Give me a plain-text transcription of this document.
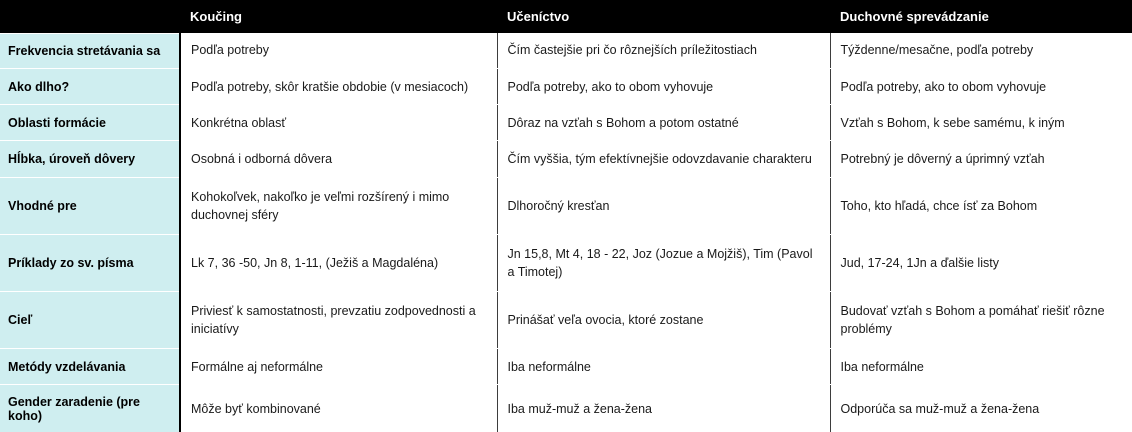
	Koučing	Učeníctvo	Duchovné sprevádzanie
Frekvencia stretávania sa	Podľa potreby	Čím častejšie pri čo rôznejších príležitostiach	Týždenne/mesačne, podľa potreby
Ako dlho?	Podľa potreby, skôr kratšie obdobie (v mesiacoch)	Podľa potreby, ako to obom vyhovuje	Podľa potreby, ako to obom vyhovuje
Oblasti formácie	Konkrétna oblasť	Dôraz na vzťah s Bohom a potom ostatné	Vzťah s Bohom, k sebe samému, k iným
Hĺbka, úroveň dôvery	Osobná i odborná dôvera	Čím vyššia, tým efektívnejšie odovzdavanie charakteru	Potrebný je dôverný a úprimný vzťah
Vhodné pre	Kohokoľvek, nakoľko je veľmi rozšírený i mimo duchovnej sféry	Dlhoročný kresťan	Toho, kto hľadá, chce ísť za Bohom
Príklady zo sv. písma	Lk 7, 36 -50, Jn 8, 1-11, (Ježiš a Magdaléna)	Jn 15,8, Mt 4, 18 - 22, Joz (Jozue a Mojžiš), Tim (Pavol a Timotej)	Jud, 17-24, 1Jn a ďalšie listy
Cieľ	Priviesť k samostatnosti, prevzatiu zodpovednosti a iniciatívy	Prinášať veľa ovocia, ktoré zostane	Budovať vzťah s Bohom a pomáhať riešiť rôzne problémy
Metódy vzdelávania	Formálne aj neformálne	Iba neformálne	Iba neformálne
Gender zaradenie (pre koho)	Môže byť kombinované	Iba muž-muž a žena-žena	Odporúča sa muž-muž a žena-žena
